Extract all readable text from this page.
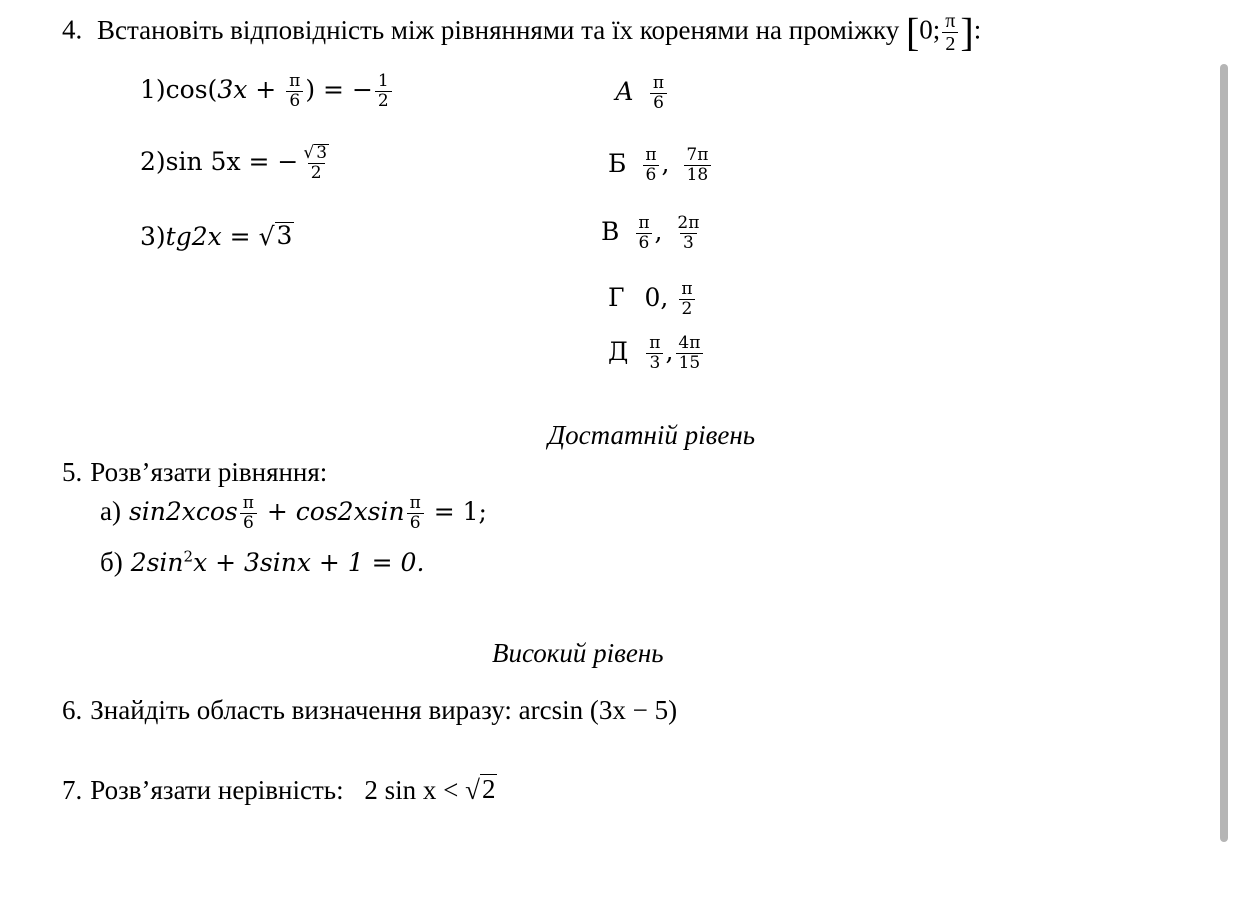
4. Встановіть відповідність між рівняннями та їх коренями на проміжку [0; $\frac{\pi}{2}$ ]:
$1)\cos(3x + \frac{\pi}{6}$ ) = − $\frac{1}{2}$
2)sin 5x = − $\frac{√ 3}{2}$
3)tg2x = √ 3
А $\frac{\pi}{6}$
Б $\frac{\pi}{6}$ , $\frac{7\pi}{18}$
В $\frac{\pi}{6}$ , $\frac{2\pi}{3}$
Г 0, $\frac{\pi}{2}$
Д $\frac{\pi}{3}$ , $\frac{4\pi}{15}$
Достатній рівень
5. Розв’язати рівняння:
а) $\sin 2xcos \frac{\pi}{6} + \cos 2xsin \frac{\pi}{6} = 1$;
б) $2\sin^2x + 3\sin x + 1 = 0$.
Високий рівень
6. Знайдіть область визначення виразу: arcsin (3x − 5)
7. Розв’язати нерівність: 2 sin x < √ 2
